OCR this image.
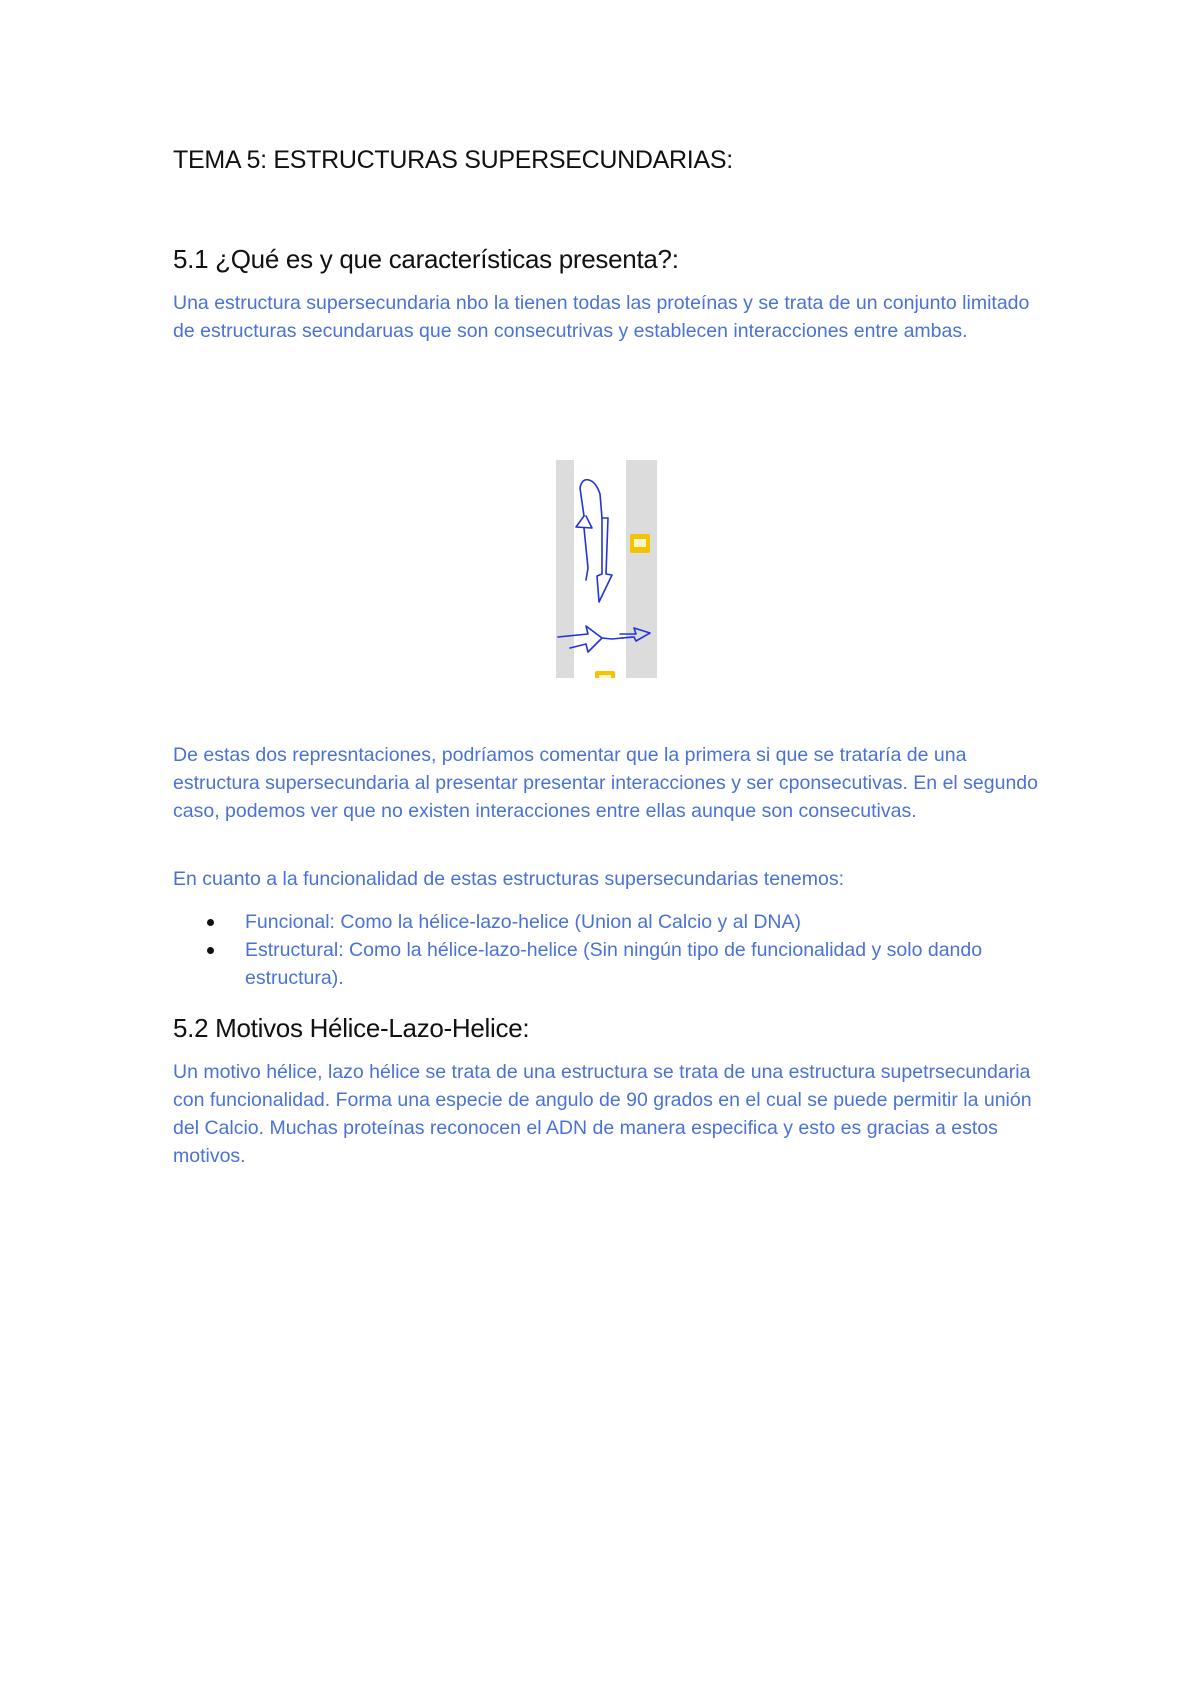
TEMA 5: ESTRUCTURAS SUPERSECUNDARIAS:
5.1 ¿Qué es y que características presenta?:

Una estructura supersecundaria nbo la tienen todas las proteínas y se trata de un conjunto limitado de estructuras secundaruas que son consecutrivas y establecen interacciones entre ambas.

De estas dos represntaciones, podríamos comentar que la primera si que se trataría de una estructura supersecundaria al presentar presentar interacciones y ser cponsecutivas. En el segundo caso, podemos ver que no existen interacciones entre ellas aunque son consecutivas.

En cuanto a la funcionalidad de estas estructuras supersecundarias tenemos:

Funcional: Como la hélice-lazo-helice (Union al Calcio y al DNA)
Estructural: Como la hélice-lazo-helice (Sin ningún tipo de funcionalidad y solo dando estructura).
5.2 Motivos Hélice-Lazo-Helice:

Un motivo hélice, lazo hélice se trata de una estructura se trata de una estructura supetrsecundaria con funcionalidad. Forma una especie de angulo de 90 grados en el cual se puede permitir la unión del Calcio. Muchas proteínas reconocen el ADN de manera especifica y esto es gracias a estos motivos.
